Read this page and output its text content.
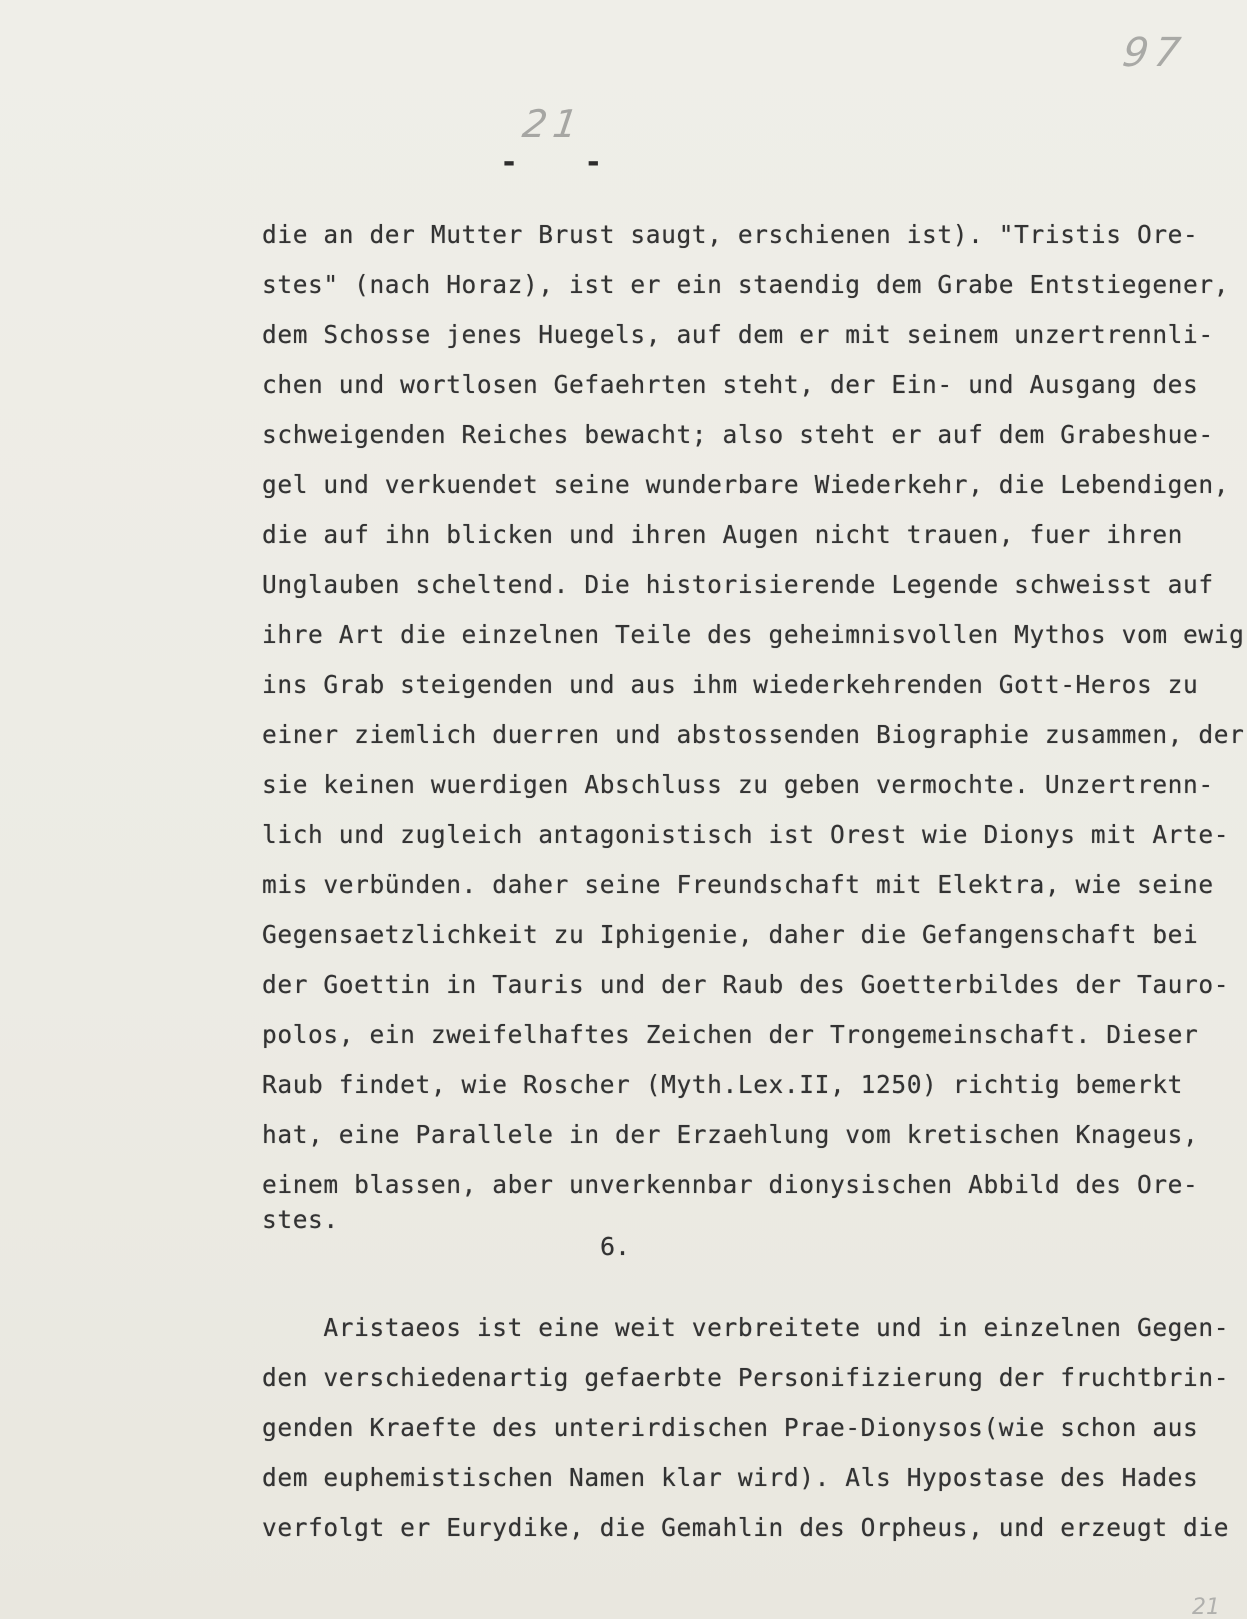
97
21
-   -
die an der Mutter Brust saugt, erschienen ist). "Tristis Ore-
stes" (nach Horaz), ist er ein staendig dem Grabe Entstiegener,
dem Schosse jenes Huegels, auf dem er mit seinem unzertrennli-
chen und wortlosen Gefaehrten steht, der Ein- und Ausgang des
schweigenden Reiches bewacht; also steht er auf dem Grabeshue-
gel und verkuendet seine wunderbare Wiederkehr, die Lebendigen,
die auf ihn blicken und ihren Augen nicht trauen, fuer ihren
Unglauben scheltend. Die historisierende Legende schweisst auf
ihre Art die einzelnen Teile des geheimnisvollen Mythos vom ewig
ins Grab steigenden und aus ihm wiederkehrenden Gott-Heros zu
einer ziemlich duerren und abstossenden Biographie zusammen, der
sie keinen wuerdigen Abschluss zu geben vermochte. Unzertrenn-
lich und zugleich antagonistisch ist Orest wie Dionys mit Arte-
mis verbünden. daher seine Freundschaft mit Elektra, wie seine
Gegensaetzlichkeit zu Iphigenie, daher die Gefangenschaft bei
der Goettin in Tauris und der Raub des Goetterbildes der Tauro-
polos, ein zweifelhaftes Zeichen der Trongemeinschaft. Dieser
Raub findet, wie Roscher (Myth.Lex.II, 1250) richtig bemerkt
hat, eine Parallele in der Erzaehlung vom kretischen Knageus,
einem blassen, aber unverkennbar dionysischen Abbild des Ore-
stes.
6.
Aristaeos ist eine weit verbreitete und in einzelnen Gegen-
den verschiedenartig gefaerbte Personifizierung der fruchtbrin-
genden Kraefte des unterirdischen Prae-Dionysos(wie schon aus
dem euphemistischen Namen klar wird). Als Hypostase des Hades
verfolgt er Eurydike, die Gemahlin des Orpheus, und erzeugt die
21
